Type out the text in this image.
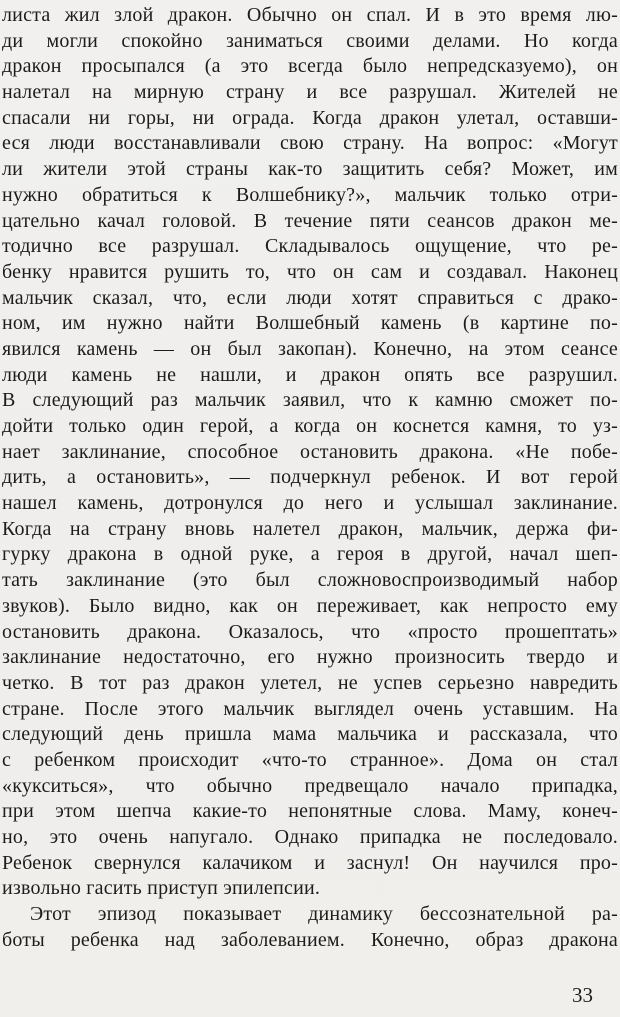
листа жил злой дракон. Обычно он спал. И в это время лю-
ди могли спокойно заниматься своими делами. Но когда
дракон просыпался (а это всегда было непредсказуемо), он
налетал на мирную страну и все разрушал. Жителей не
спасали ни горы, ни ограда. Когда дракон улетал, оставши-
еся люди восстанавливали свою страну. На вопрос: «Могут
ли жители этой страны как-то защитить себя? Может, им
нужно обратиться к Волшебнику?», мальчик только отри-
цательно качал головой. В течение пяти сеансов дракон ме-
тодично все разрушал. Складывалось ощущение, что ре-
бенку нравится рушить то, что он сам и создавал. Наконец
мальчик сказал, что, если люди хотят справиться с драко-
ном, им нужно найти Волшебный камень (в картине по-
явился камень — он был закопан). Конечно, на этом сеансе
люди камень не нашли, и дракон опять все разрушил.
В следующий раз мальчик заявил, что к камню сможет по-
дойти только один герой, а когда он коснется камня, то уз-
нает заклинание, способное остановить дракона. «Не побе-
дить, а остановить», — подчеркнул ребенок. И вот герой
нашел камень, дотронулся до него и услышал заклинание.
Когда на страну вновь налетел дракон, мальчик, держа фи-
гурку дракона в одной руке, а героя в другой, начал шеп-
тать заклинание (это был сложновоспроизводимый набор
звуков). Было видно, как он переживает, как непросто ему
остановить дракона. Оказалось, что «просто прошептать»
заклинание недостаточно, его нужно произносить твердо и
четко. В тот раз дракон улетел, не успев серьезно навредить
стране. После этого мальчик выглядел очень уставшим. На
следующий день пришла мама мальчика и рассказала, что
с ребенком происходит «что-то странное». Дома он стал
«кукситься», что обычно предвещало начало припадка,
при этом шепча какие-то непонятные слова. Маму, конеч-
но, это очень напугало. Однако припадка не последовало.
Ребенок свернулся калачиком и заснул! Он научился про-
извольно гасить приступ эпилепсии.
Этот эпизод показывает динамику бессознательной ра-
боты ребенка над заболеванием. Конечно, образ дракона
33
